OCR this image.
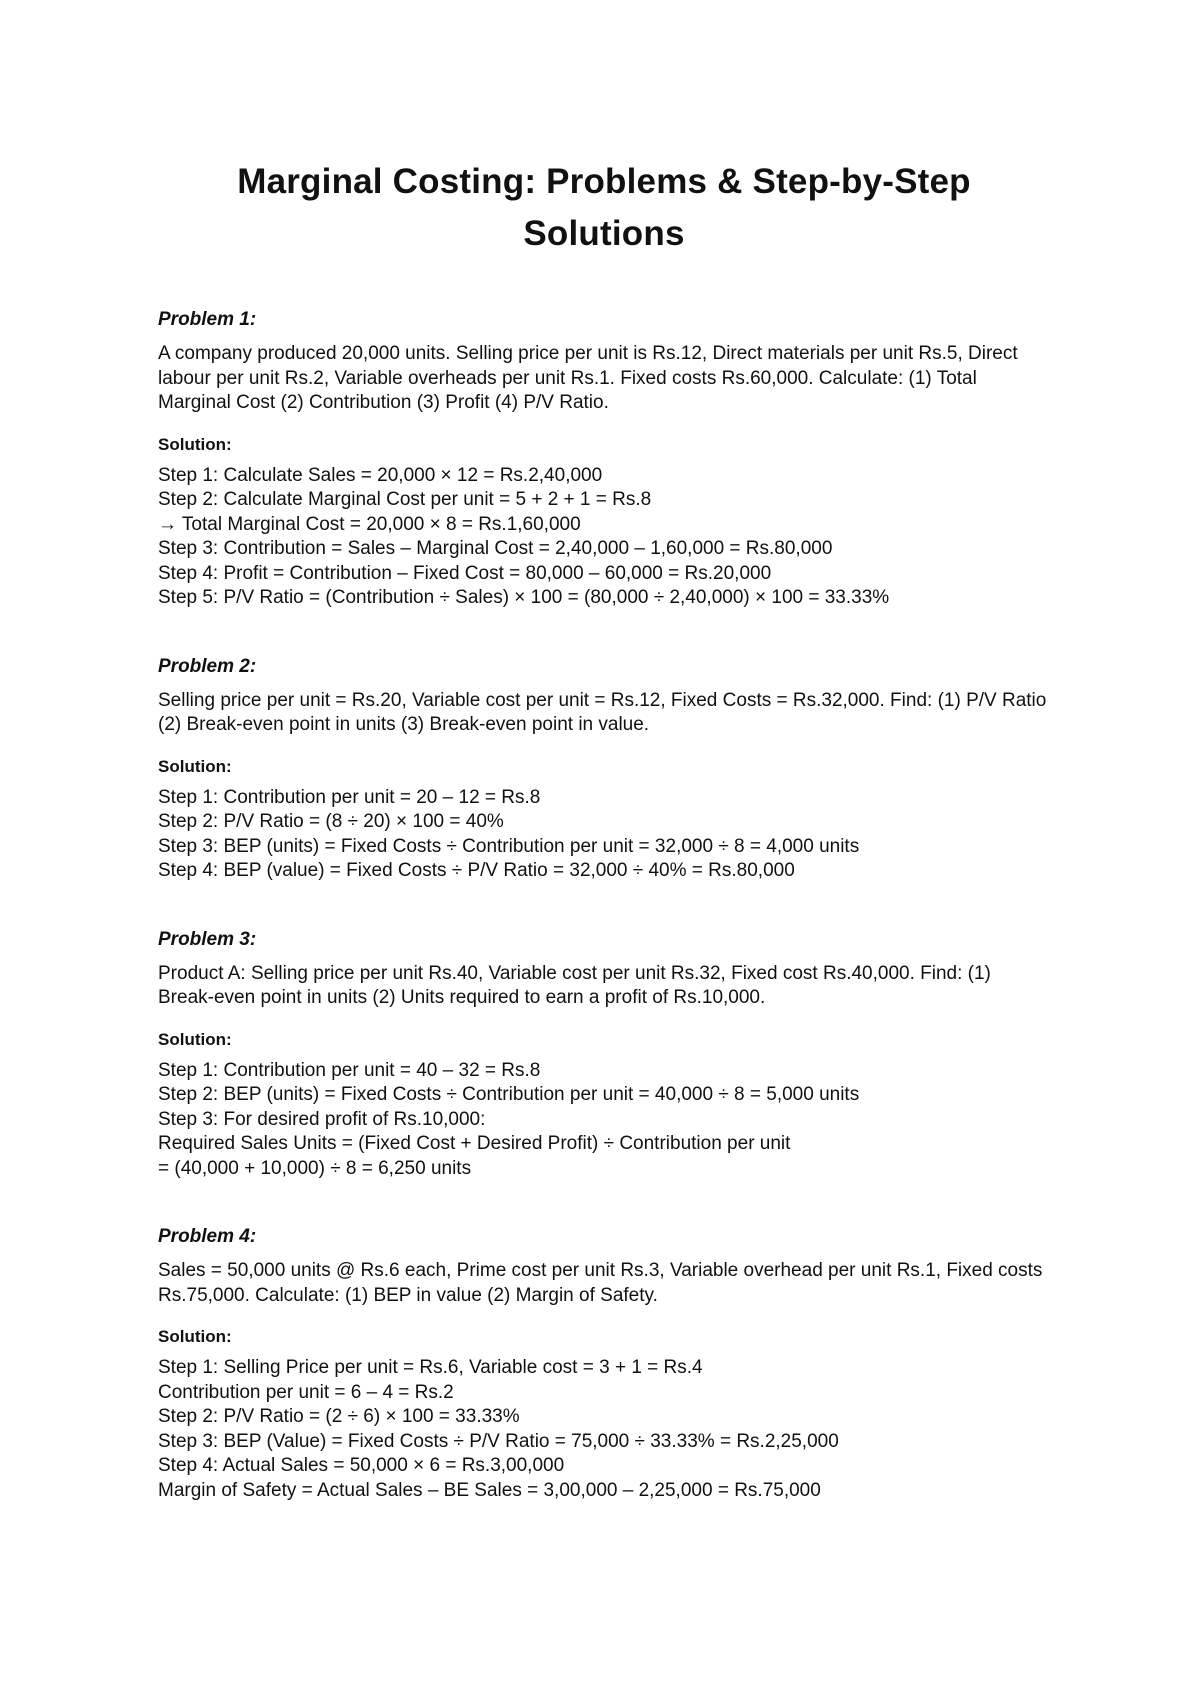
Marginal Costing: Problems & Step-by-Step Solutions

Problem 1:

A company produced 20,000 units. Selling price per unit is Rs.12, Direct materials per unit Rs.5, Direct labour per unit Rs.2, Variable overheads per unit Rs.1. Fixed costs Rs.60,000. Calculate: (1) Total Marginal Cost (2) Contribution (3) Profit (4) P/V Ratio.

Solution:

Step 1: Calculate Sales = 20,000 × 12 = Rs.2,40,000
Step 2: Calculate Marginal Cost per unit = 5 + 2 + 1 = Rs.8
→ Total Marginal Cost = 20,000 × 8 = Rs.1,60,000
Step 3: Contribution = Sales – Marginal Cost = 2,40,000 – 1,60,000 = Rs.80,000
Step 4: Profit = Contribution – Fixed Cost = 80,000 – 60,000 = Rs.20,000
Step 5: P/V Ratio = (Contribution ÷ Sales) × 100 = (80,000 ÷ 2,40,000) × 100 = 33.33%

Problem 2:

Selling price per unit = Rs.20, Variable cost per unit = Rs.12, Fixed Costs = Rs.32,000. Find: (1) P/V Ratio (2) Break-even point in units (3) Break-even point in value.

Solution:

Step 1: Contribution per unit = 20 – 12 = Rs.8
Step 2: P/V Ratio = (8 ÷ 20) × 100 = 40%
Step 3: BEP (units) = Fixed Costs ÷ Contribution per unit = 32,000 ÷ 8 = 4,000 units
Step 4: BEP (value) = Fixed Costs ÷ P/V Ratio = 32,000 ÷ 40% = Rs.80,000

Problem 3:

Product A: Selling price per unit Rs.40, Variable cost per unit Rs.32, Fixed cost Rs.40,000. Find: (1) Break-even point in units (2) Units required to earn a profit of Rs.10,000.

Solution:

Step 1: Contribution per unit = 40 – 32 = Rs.8
Step 2: BEP (units) = Fixed Costs ÷ Contribution per unit = 40,000 ÷ 8 = 5,000 units
Step 3: For desired profit of Rs.10,000:
Required Sales Units = (Fixed Cost + Desired Profit) ÷ Contribution per unit
= (40,000 + 10,000) ÷ 8 = 6,250 units

Problem 4:

Sales = 50,000 units @ Rs.6 each, Prime cost per unit Rs.3, Variable overhead per unit Rs.1, Fixed costs Rs.75,000. Calculate: (1) BEP in value (2) Margin of Safety.

Solution:

Step 1: Selling Price per unit = Rs.6, Variable cost = 3 + 1 = Rs.4
Contribution per unit = 6 – 4 = Rs.2
Step 2: P/V Ratio = (2 ÷ 6) × 100 = 33.33%
Step 3: BEP (Value) = Fixed Costs ÷ P/V Ratio = 75,000 ÷ 33.33% = Rs.2,25,000
Step 4: Actual Sales = 50,000 × 6 = Rs.3,00,000
Margin of Safety = Actual Sales – BE Sales = 3,00,000 – 2,25,000 = Rs.75,000
